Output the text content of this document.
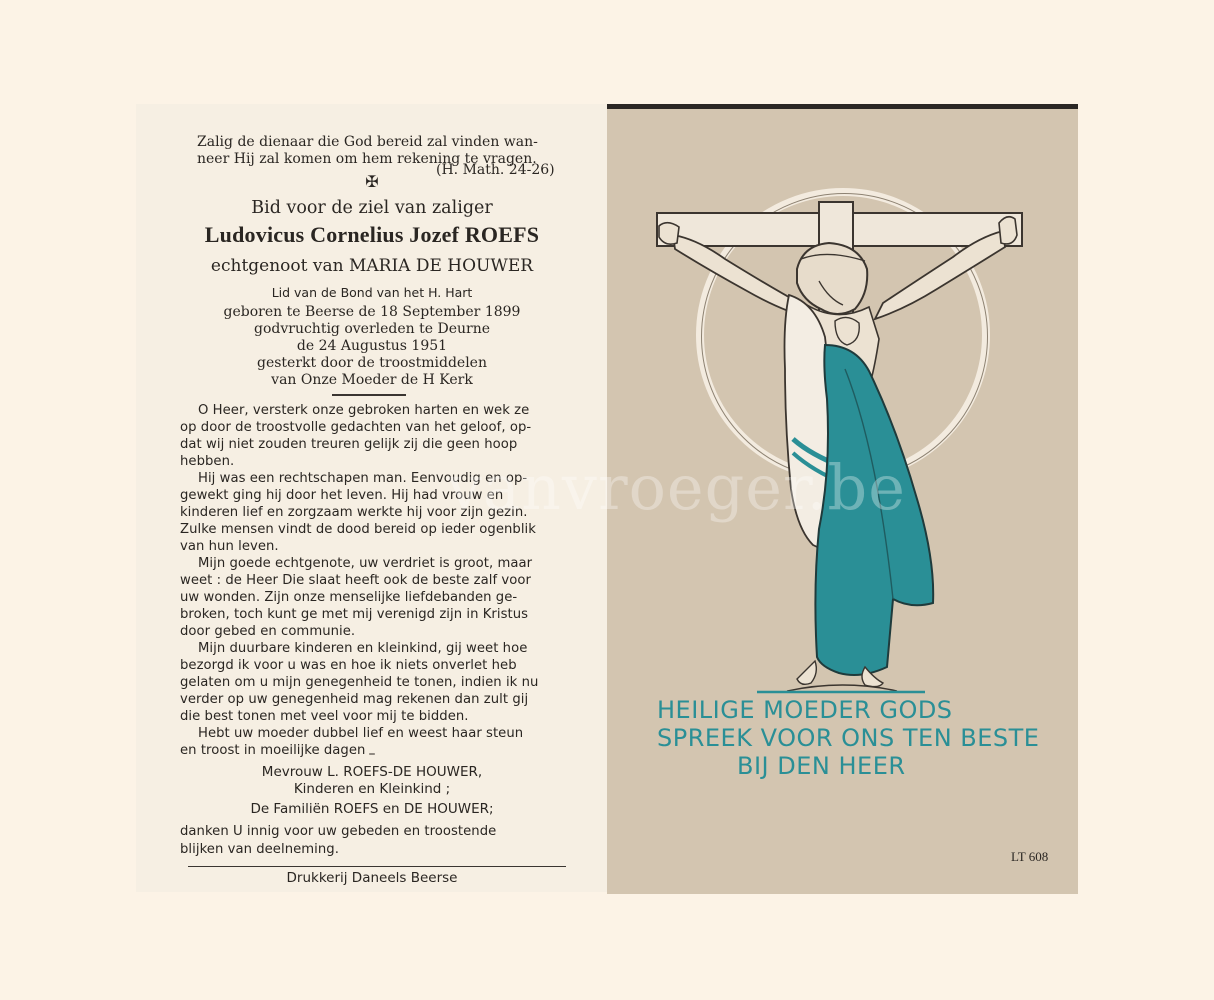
Zalig de dienaar die God bereid zal vinden wan-
neer Hij zal komen om hem rekening te vragen.
(H. Math. 24-26)
✠
Bid voor de ziel van zaliger
Ludovicus Cornelius Jozef ROEFS
echtgenoot van MARIA DE HOUWER
Lid van de Bond van het H. Hart
geboren te Beerse de 18 September 1899
godvruchtig overleden te Deurne
de 24 Augustus 1951
gesterkt door de troostmiddelen
van Onze Moeder de H Kerk
O Heer, versterk onze gebroken harten en wek ze
op door de troostvolle gedachten van het geloof, op-
dat wij niet zouden treuren gelijk zij die geen hoop
hebben.
Hij was een rechtschapen man. Eenvoudig en op-
gewekt ging hij door het leven. Hij had vrouw en
kinderen lief en zorgzaam werkte hij voor zijn gezin.
Zulke mensen vindt de dood bereid op ieder ogenblik
van hun leven.
Mijn goede echtgenote, uw verdriet is groot, maar
weet : de Heer Die slaat heeft ook de beste zalf voor
uw wonden. Zijn onze menselijke liefdebanden ge-
broken, toch kunt ge met mij verenigd zijn in Kristus
door gebed en communie.
Mijn duurbare kinderen en kleinkind, gij weet hoe
bezorgd ik voor u was en hoe ik niets onverlet heb
gelaten om u mijn genegenheid te tonen, indien ik nu
verder op uw genegenheid mag rekenen dan zult gij
die best tonen met veel voor mij te bidden.
Hebt uw moeder dubbel lief en weest haar steun
en troost in moeilijke dagen –
Mevrouw L. ROEFS-DE HOUWER,
Kinderen en Kleinkind ;
De Familiën ROEFS en DE HOUWER;
danken U innig voor uw gebeden en troostende
blijken van deelneming.
Drukkerij Daneels Beerse
vanvroeger.be
HEILIGE MOEDER GODS
SPREEK VOOR ONS TEN BESTE
BIJ DEN HEER
LT 608
